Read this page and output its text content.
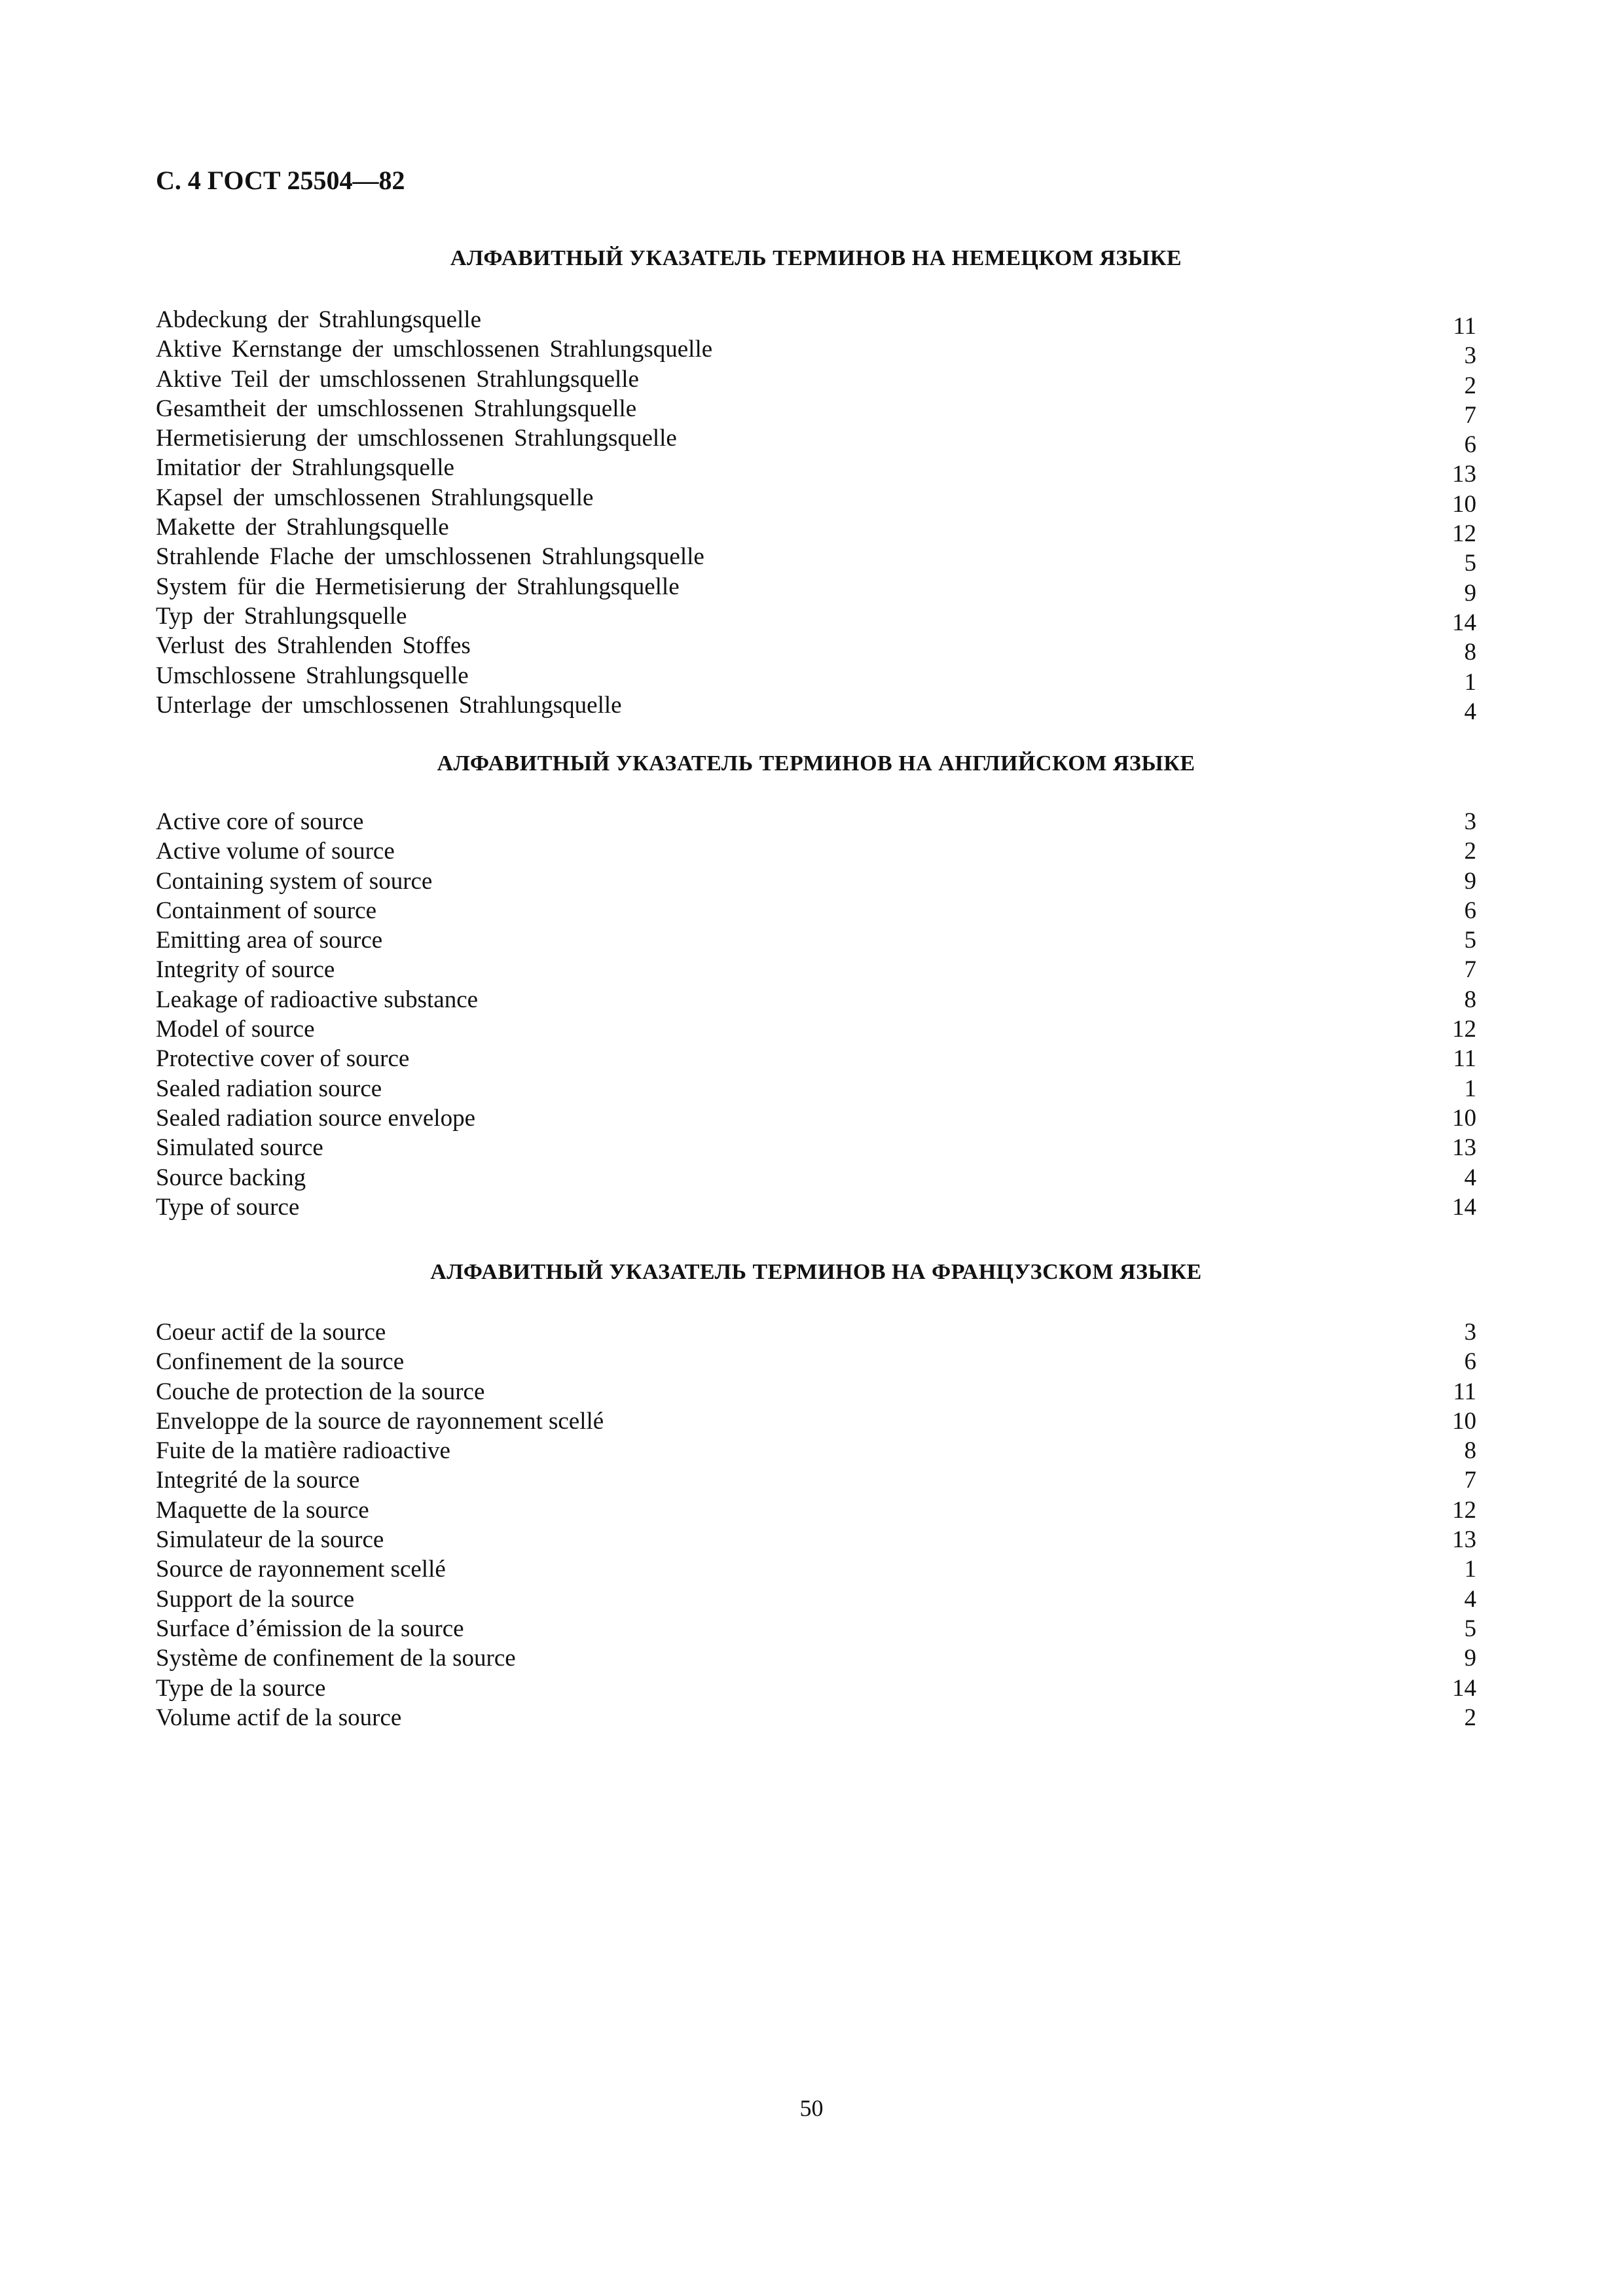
С. 4 ГОСТ 25504—82
АЛФАВИТНЫЙ УКАЗАТЕЛЬ ТЕРМИНОВ НА НЕМЕЦКОМ ЯЗЫКЕ
Abdeckung der Strahlungsquelle	11
Aktive Kernstange der umschlossenen Strahlungsquelle	3
Aktive Teil der umschlossenen Strahlungsquelle	2
Gesamtheit der umschlossenen Strahlungsquelle	7
Hermetisierung der umschlossenen Strahlungsquelle	6
Imitatior der Strahlungsquelle	13
Kapsel der umschlossenen Strahlungsquelle	10
Makette der Strahlungsquelle	12
Strahlende Flache der umschlossenen Strahlungsquelle	5
System für die Hermetisierung der Strahlungsquelle	9
Typ der Strahlungsquelle	14
Verlust des Strahlenden Stoffes	8
Umschlossene Strahlungsquelle	1
Unterlage der umschlossenen Strahlungsquelle	4
АЛФАВИТНЫЙ УКАЗАТЕЛЬ ТЕРМИНОВ НА АНГЛИЙСКОМ ЯЗЫКЕ
Active core of source	3
Active volume of source	2
Containing system of source	9
Containment of source	6
Emitting area of source	5
Integrity of source	7
Leakage of radioactive substance	8
Model of source	12
Protective cover of source	11
Sealed radiation source	1
Sealed radiation source envelope	10
Simulated source	13
Source backing	4
Type of source	14
АЛФАВИТНЫЙ УКАЗАТЕЛЬ ТЕРМИНОВ НА ФРАНЦУЗСКОМ ЯЗЫКЕ
Coeur actif de la source	3
Confinement de la source	6
Couche de protection de la source	11
Enveloppe de la source de rayonnement scellé	10
Fuite de la matière radioactive	8
Integrité de la source	7
Maquette de la source	12
Simulateur de la source	13
Source de rayonnement scellé	1
Support de la source	4
Surface d’émission de la source	5
Système de confinement de la source	9
Type de la source	14
Volume actif de la source	2
50
